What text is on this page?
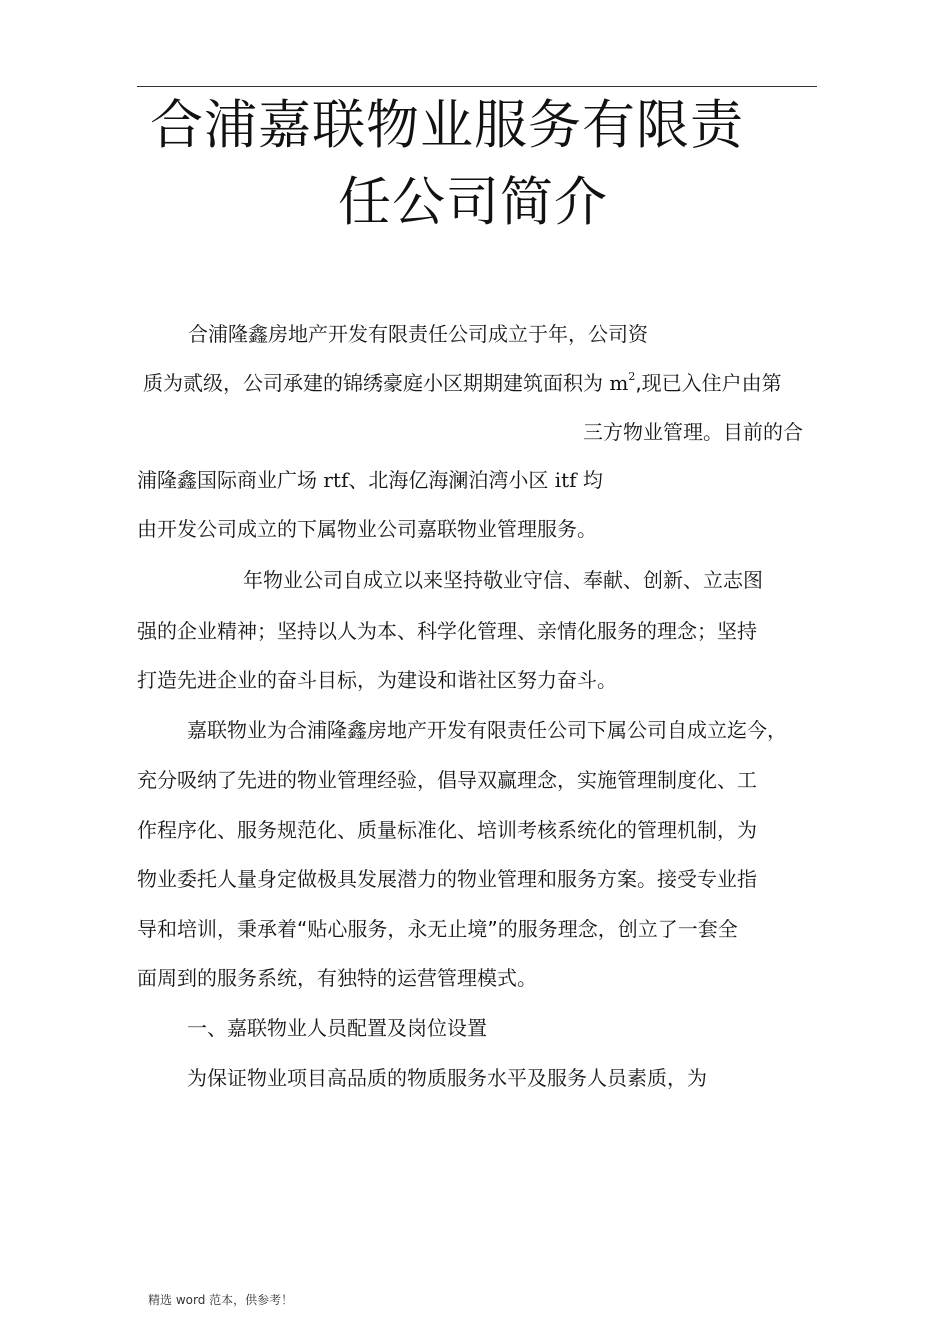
合浦嘉联物业服务有限责
任公司简介
合浦隆鑫房地产开发有限责任公司成立于年，公司资
质为贰级，公司承建的锦绣豪庭小区期期建筑面积为 $m^2$,现已入住户由第
三方物业管理。目前的合
浦隆鑫国际商业广场 rtf、北海亿海澜泊湾小区 itf 均
由开发公司成立的下属物业公司嘉联物业管理服务。
年物业公司自成立以来坚持敬业守信、奉献、创新、立志图
强的企业精神；坚持以人为本、科学化管理、亲情化服务的理念；坚持
打造先进企业的奋斗目标，为建设和谐社区努力奋斗。
嘉联物业为合浦隆鑫房地产开发有限责任公司下属公司自成立迄今，
充分吸纳了先进的物业管理经验，倡导双赢理念，实施管理制度化、工
作程序化、服务规范化、质量标准化、培训考核系统化的管理机制，为
物业委托人量身定做极具发展潜力的物业管理和服务方案。接受专业指
导和培训，秉承着“贴心服务，永无止境”的服务理念，创立了一套全
面周到的服务系统，有独特的运营管理模式。
一、嘉联物业人员配置及岗位设置
为保证物业项目高品质的物质服务水平及服务人员素质，为
精选 word 范本，供参考！
